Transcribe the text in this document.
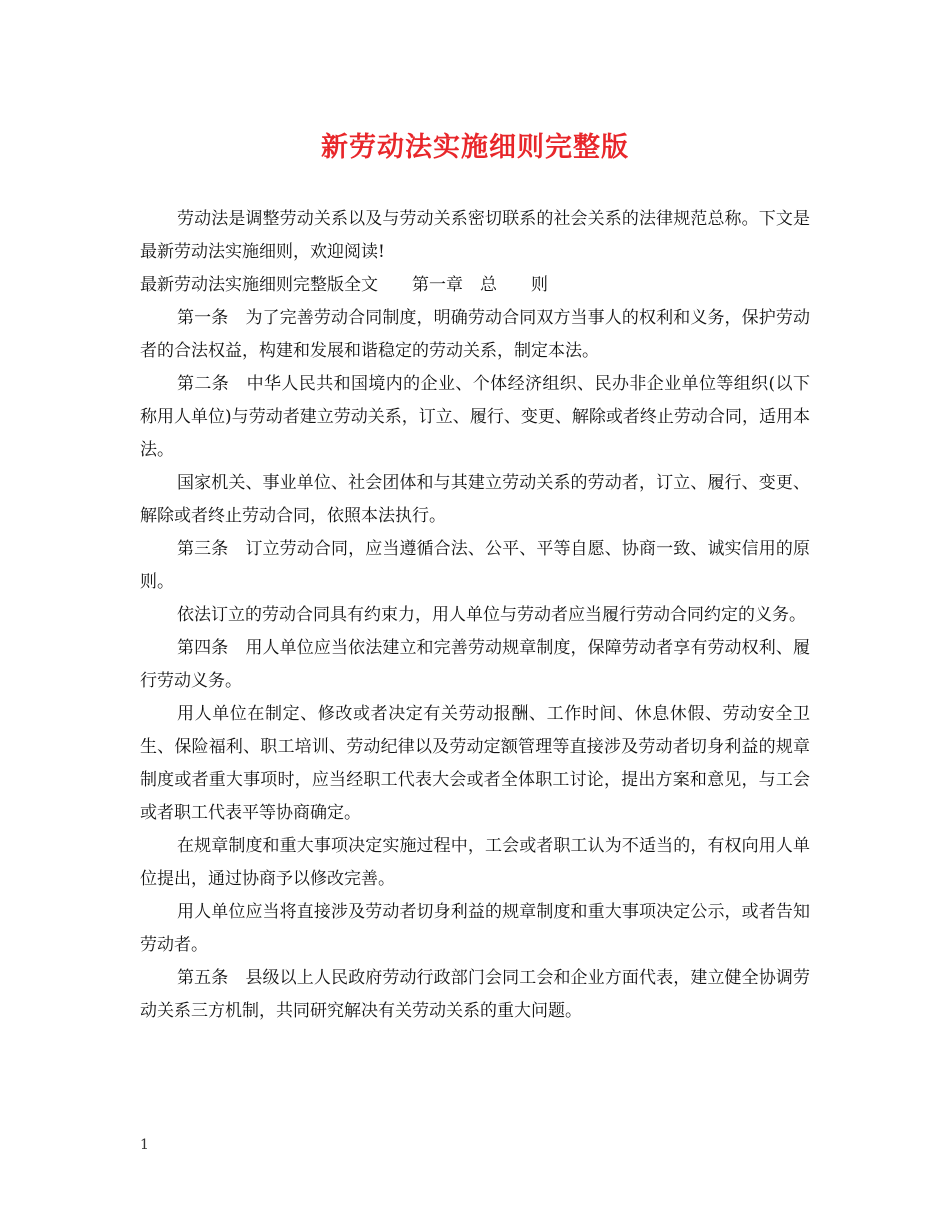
新劳动法实施细则完整版

劳动法是调整劳动关系以及与劳动关系密切联系的社会关系的法律规范总称。下文是最新劳动法实施细则，欢迎阅读!

最新劳动法实施细则完整版全文　　第一章　总　　则

第一条　为了完善劳动合同制度，明确劳动合同双方当事人的权利和义务，保护劳动者的合法权益，构建和发展和谐稳定的劳动关系，制定本法。

第二条　中华人民共和国境内的企业、个体经济组织、民办非企业单位等组织(以下称用人单位)与劳动者建立劳动关系，订立、履行、变更、解除或者终止劳动合同，适用本法。

国家机关、事业单位、社会团体和与其建立劳动关系的劳动者，订立、履行、变更、解除或者终止劳动合同，依照本法执行。

第三条　订立劳动合同，应当遵循合法、公平、平等自愿、协商一致、诚实信用的原则。

依法订立的劳动合同具有约束力，用人单位与劳动者应当履行劳动合同约定的义务。

第四条　用人单位应当依法建立和完善劳动规章制度，保障劳动者享有劳动权利、履行劳动义务。

用人单位在制定、修改或者决定有关劳动报酬、工作时间、休息休假、劳动安全卫生、保险福利、职工培训、劳动纪律以及劳动定额管理等直接涉及劳动者切身利益的规章制度或者重大事项时，应当经职工代表大会或者全体职工讨论，提出方案和意见，与工会或者职工代表平等协商确定。

在规章制度和重大事项决定实施过程中，工会或者职工认为不适当的，有权向用人单位提出，通过协商予以修改完善。

用人单位应当将直接涉及劳动者切身利益的规章制度和重大事项决定公示，或者告知劳动者。

第五条　县级以上人民政府劳动行政部门会同工会和企业方面代表，建立健全协调劳动关系三方机制，共同研究解决有关劳动关系的重大问题。

1
